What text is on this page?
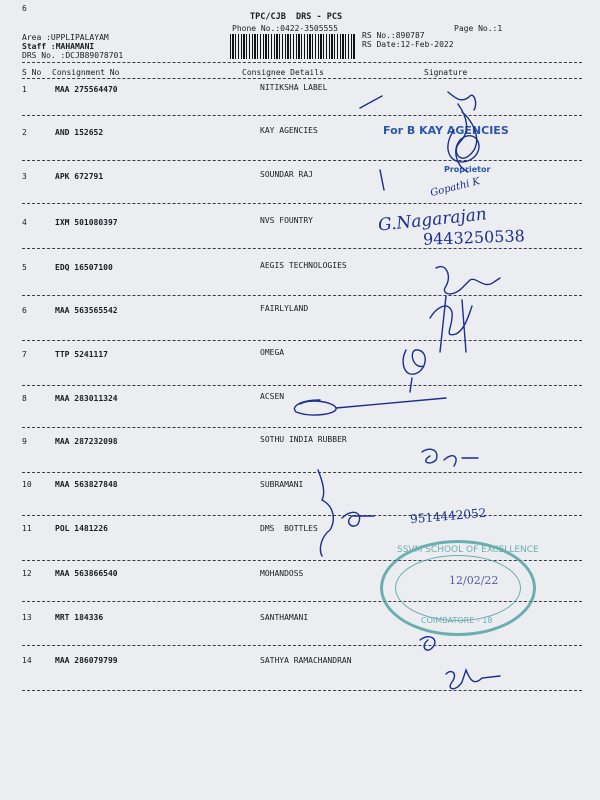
6
TPC/CJB  DRS - PCS
Phone No.:0422-3505555	Page No.:1
Area :UPPLIPALAYAM
Staff :MAHAMANI
DRS No. :DCJB89078701
RS No.:890787
RS Date:12-Feb-2022
S No Consignment No	Consignee Details	Signature
1	MAA 275564470	NITIKSHA LABEL
2	AND 152652	KAY AGENCIES
3	APK 672791	SOUNDAR RAJ
4	IXM 501080397	NVS FOUNTRY
5	EDQ 16507100	AEGIS TECHNOLOGIES
6	MAA 563565542	FAIRLYLAND
7	TTP 5241117	OMEGA
8	MAA 283011324	ACSEN
9	MAA 287232098	SOTHU INDIA RUBBER
10	MAA 563827848	SUBRAMANI
11	POL 1481226	DMS  BOTTLES
12	MAA 563866540	MOHANDOSS
13	MRT 184336	SANTHAMANI
14	MAA 286079799	SATHYA RAMACHANDRAN
For B KAY AGENCIES
Proprietor
9443250538
G.Nagarajan
Gopathi K
9514442052
SSVM SCHOOL OF EXCELLENCE
COIMBATORE - 18
12/02/22
